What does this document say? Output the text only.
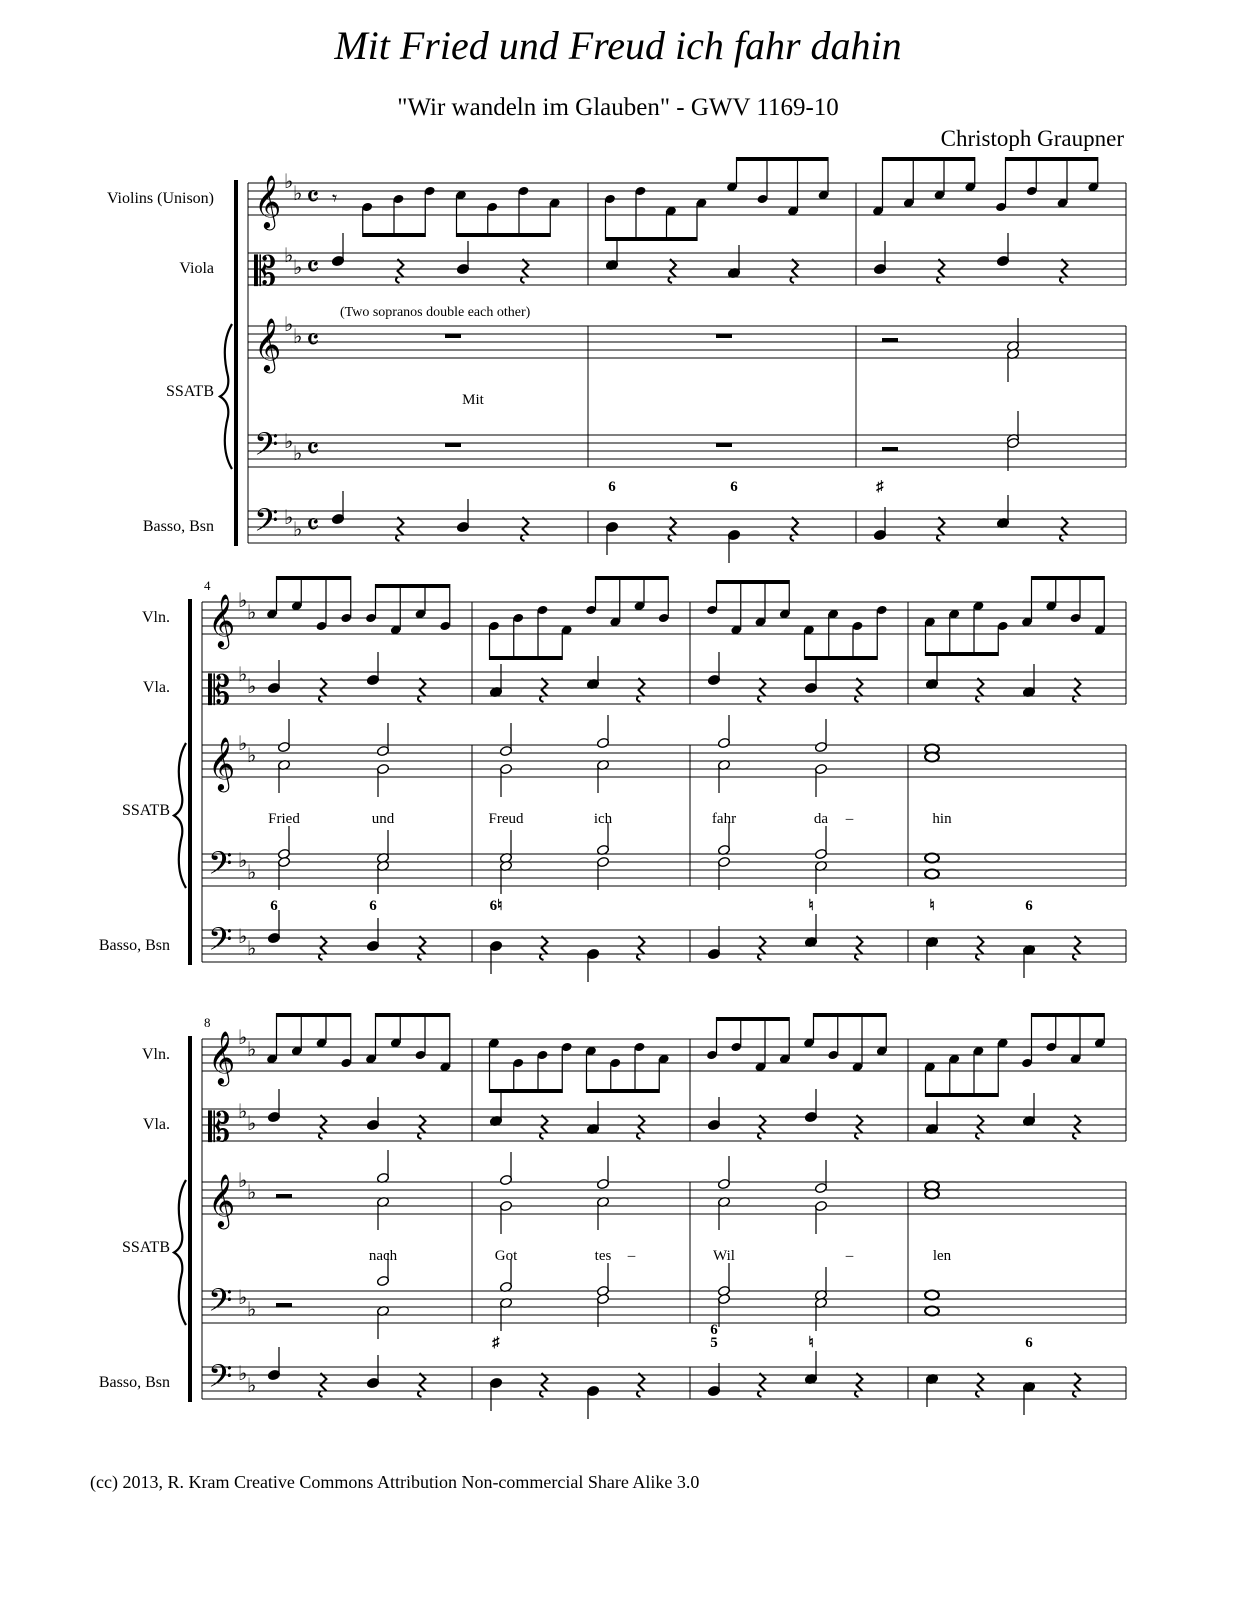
Mit Fried und Freud ich fahr dahin
"Wir wandeln im Glauben" - GWV 1169-10
Christoph Graupner
Violins (Unison)
Viola
SSATB
Basso, Bsn
𝄞
𝄡
𝄞
𝄢
𝄢
♭
♭
♭
♭
♭
♭
♭
♭
♭
♭
𝄴
𝄴
𝄴
𝄴
𝄴
𝄾
Mit
(Two sopranos double each other)
6	6	♯
Vln.
Vla.
SSATB
Basso, Bsn
4
𝄞
𝄡
𝄞
𝄢
𝄢
♭
♭
♭
♭
♭
♭
♭
♭
♭
♭
Fried	und	Freud	ich	fahr	da –	hin
6	6	6♮	♮	♮	6
Vln.
Vla.
SSATB
Basso, Bsn
8
𝄞
𝄡
𝄞
𝄢
𝄢
♭
♭
♭
♭
♭
♭
♭
♭
♭
♭
nach	Got	–
tes	Wil	–	len
♯
6
5	♮	6
(cc) 2013, R. Kram Creative Commons Attribution Non-commercial Share Alike 3.0
